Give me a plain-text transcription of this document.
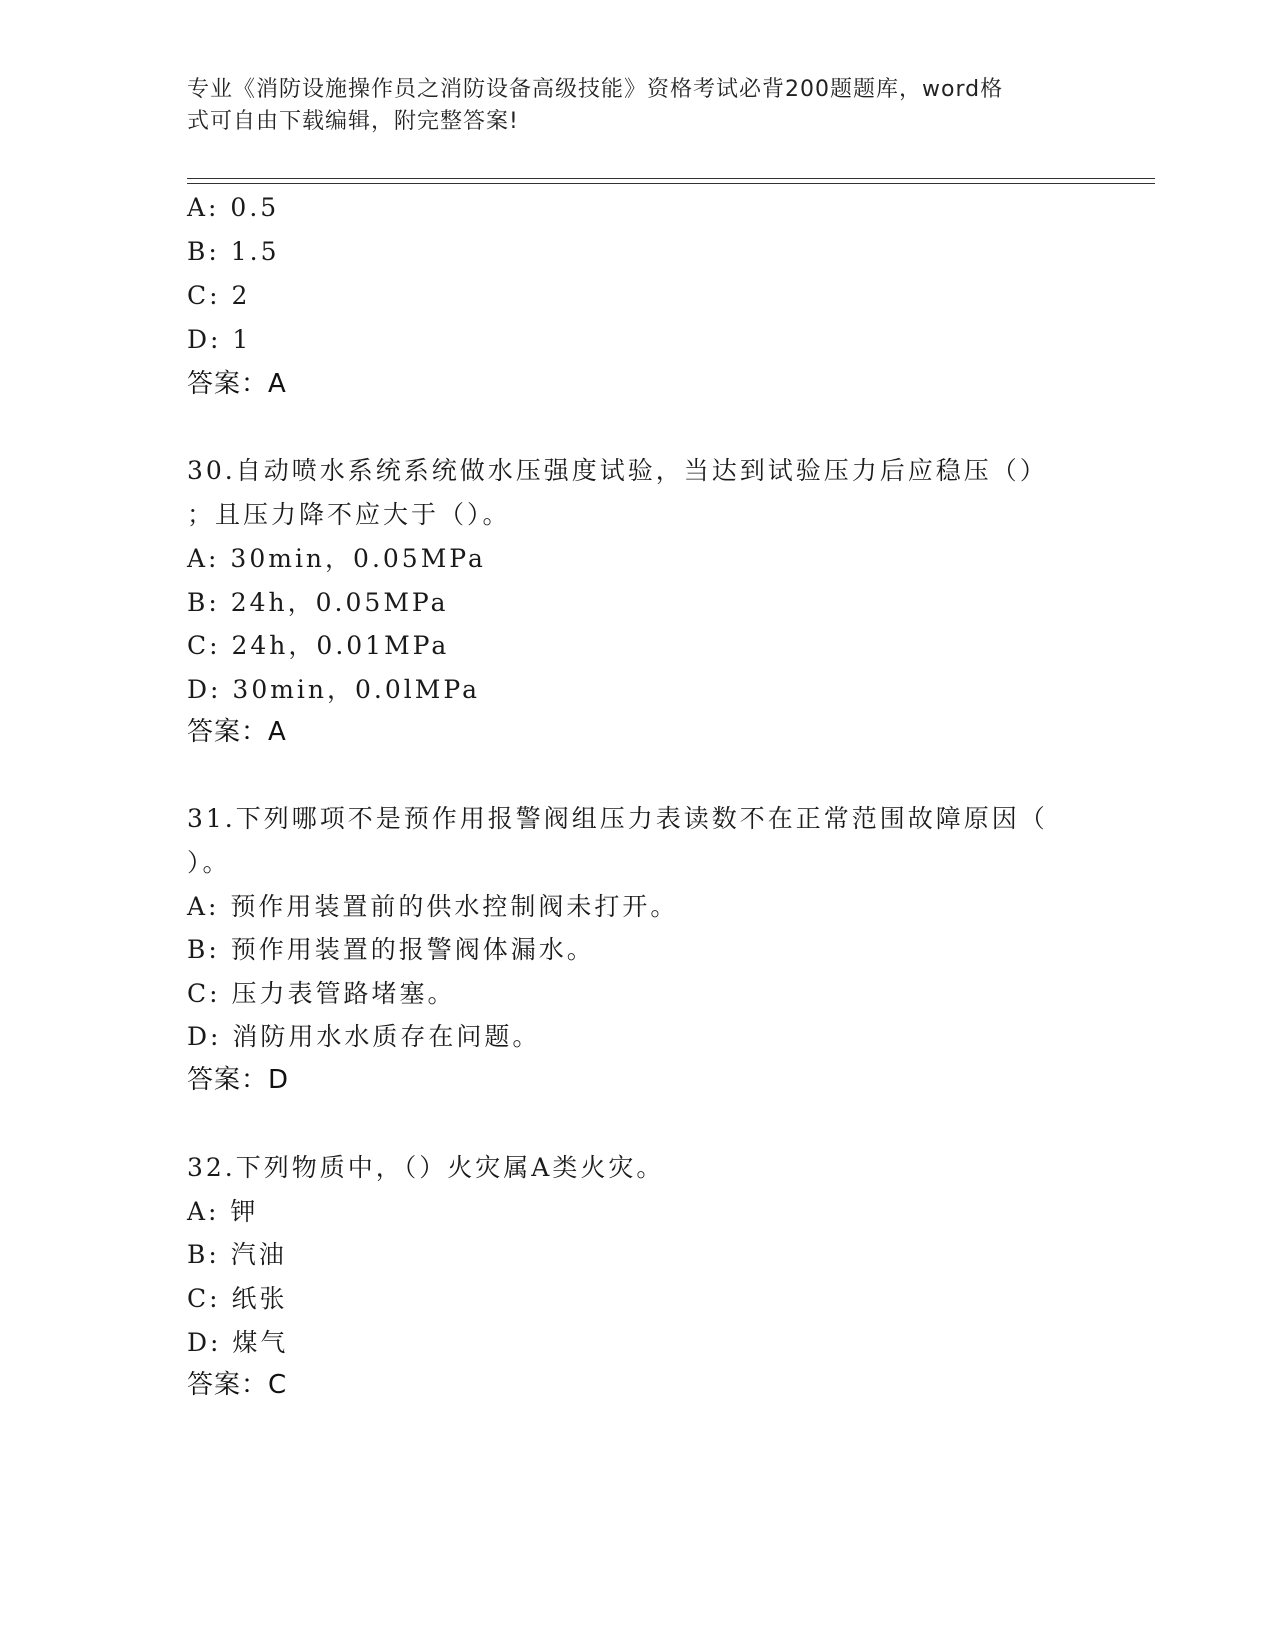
专业《消防设施操作员之消防设备高级技能》资格考试必背200题题库，word格
式可自由下载编辑，附完整答案!
A: 0.5
B: 1.5
C: 2
D: 1
答案：A
30.自动喷水系统系统做水压强度试验，当达到试验压力后应稳压（）
；且压力降不应大于（）。
A: 30min，0.05MPa
B: 24h，0.05MPa
C: 24h，0.01MPa
D: 30min，0.0lMPa
答案：A
31.下列哪项不是预作用报警阀组压力表读数不在正常范围故障原因（
）。
A: 预作用装置前的供水控制阀未打开。
B: 预作用装置的报警阀体漏水。
C: 压力表管路堵塞。
D: 消防用水水质存在问题。
答案：D
32.下列物质中，（）火灾属A类火灾。
A: 钾
B: 汽油
C: 纸张
D: 煤气
答案：C
